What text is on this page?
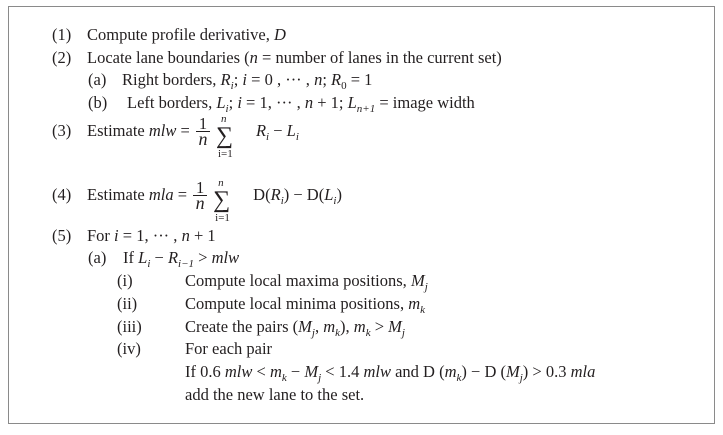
(1) Compute profile derivative, D
(2) Locate lane boundaries (n = number of lanes in the current set)
(a) Right borders, $R_i$; i = 0 , ··· , n; $R_0 = 1$
(b) Left borders, $L_i$; i = 1, ··· , n + 1; $L_{n+1}$ = image width
(3) Estimate mlw = $\frac{1}{n}$ ∑
n
i=1
$R_i - L_i$
(4) Estimate mla = $\frac{1}{n}$ ∑
n
i=1
$D(R_i) - D(L_i)$
(5) For i = 1, ··· , n + 1
(a) If $L_i - R_{i-1}$ > mlw
(i)	Compute local maxima positions, $M_j$
(ii)	Compute local minima positions, $m_k$
(iii)	Create the pairs ($M_j$, $m_k$), $m_k > M_j$
(iv)	For each pair
If 0.6 mlw < $m_k - M_j < 1.4$ mlw and D $(m_k) - D$ $(M_j) > 0.3$ mla
add the new lane to the set.
